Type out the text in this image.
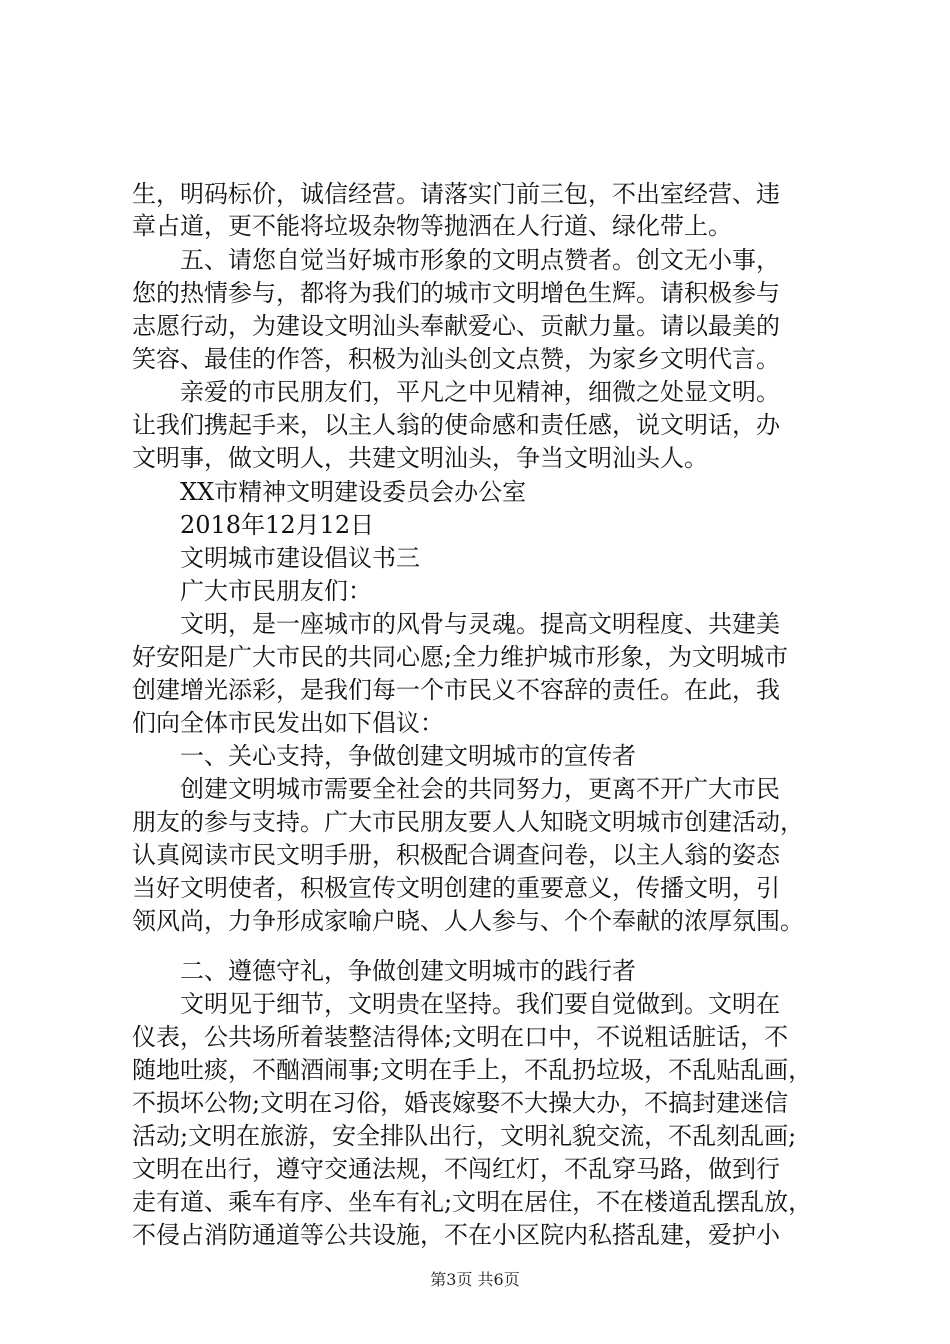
生，明码标价，诚信经营。请落实门前三包，不出室经营、违
章占道，更不能将垃圾杂物等抛洒在人行道、绿化带上。
　　五、请您自觉当好城市形象的文明点赞者。创文无小事，
您的热情参与，都将为我们的城市文明增色生辉。请积极参与
志愿行动，为建设文明汕头奉献爱心、贡献力量。请以最美的
笑容、最佳的作答，积极为汕头创文点赞，为家乡文明代言。
　　亲爱的市民朋友们，平凡之中见精神，细微之处显文明。
让我们携起手来，以主人翁的使命感和责任感，说文明话，办
文明事，做文明人，共建文明汕头，争当文明汕头人。
　　XX市精神文明建设委员会办公室
　　2018年12月12日
　　文明城市建设倡议书三
　　广大市民朋友们：
　　文明，是一座城市的风骨与灵魂。提高文明程度、共建美
好安阳是广大市民的共同心愿;全力维护城市形象，为文明城市
创建增光添彩，是我们每一个市民义不容辞的责任。在此，我
们向全体市民发出如下倡议：
　　一、关心支持，争做创建文明城市的宣传者
　　创建文明城市需要全社会的共同努力，更离不开广大市民
朋友的参与支持。广大市民朋友要人人知晓文明城市创建活动，
认真阅读市民文明手册，积极配合调查问卷，以主人翁的姿态
当好文明使者，积极宣传文明创建的重要意义，传播文明，引
领风尚，力争形成家喻户晓、人人参与、个个奉献的浓厚氛围。
　　二、遵德守礼，争做创建文明城市的践行者
　　文明见于细节，文明贵在坚持。我们要自觉做到。文明在
仪表，公共场所着装整洁得体;文明在口中，不说粗话脏话，不
随地吐痰，不酗酒闹事;文明在手上，不乱扔垃圾，不乱贴乱画，
不损坏公物;文明在习俗，婚丧嫁娶不大操大办，不搞封建迷信
活动;文明在旅游，安全排队出行，文明礼貌交流，不乱刻乱画;
文明在出行，遵守交通法规，不闯红灯，不乱穿马路，做到行
走有道、乘车有序、坐车有礼;文明在居住，不在楼道乱摆乱放，
不侵占消防通道等公共设施，不在小区院内私搭乱建，爱护小
第3页 共6页
